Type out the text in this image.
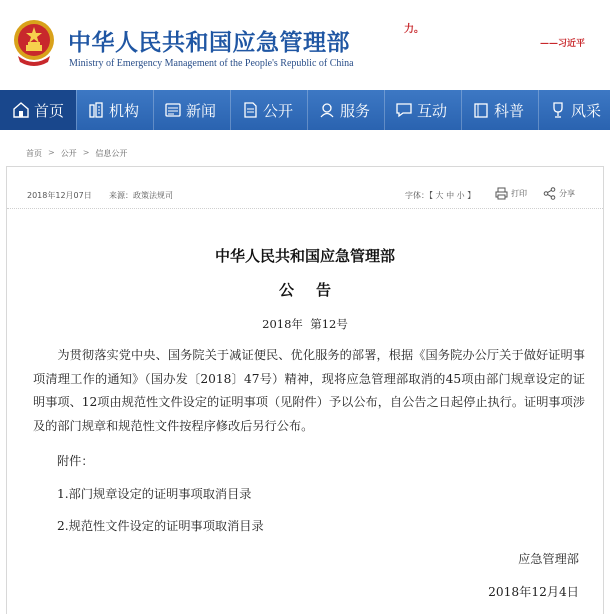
中华人民共和国应急管理部
Ministry of Emergency Management of the People's Republic of China
力。
——习近平
首页	机构	新闻	公开	服务	互动	科普	风采
首页 > 公开 > 信息公开
2018年12月07日 来源：政策法规司	字体：【 大 中 小 】	打印	分享
中华人民共和国应急管理部
公告
2018年  第12号

为贯彻落实党中央、国务院关于减证便民、优化服务的部署，根据《国务院办公厅关于做好证明事项清理工作的通知》（国办发〔2018〕47号）精神，现将应急管理部取消的45项由部门规章设定的证明事项、12项由规范性文件设定的证明事项（见附件）予以公布，自公告之日起停止执行。证明事项涉及的部门规章和规范性文件按程序修改后另行公布。

附件：
1.部门规章设定的证明事项取消目录
2.规范性文件设定的证明事项取消目录
应急管理部
2018年12月4日
